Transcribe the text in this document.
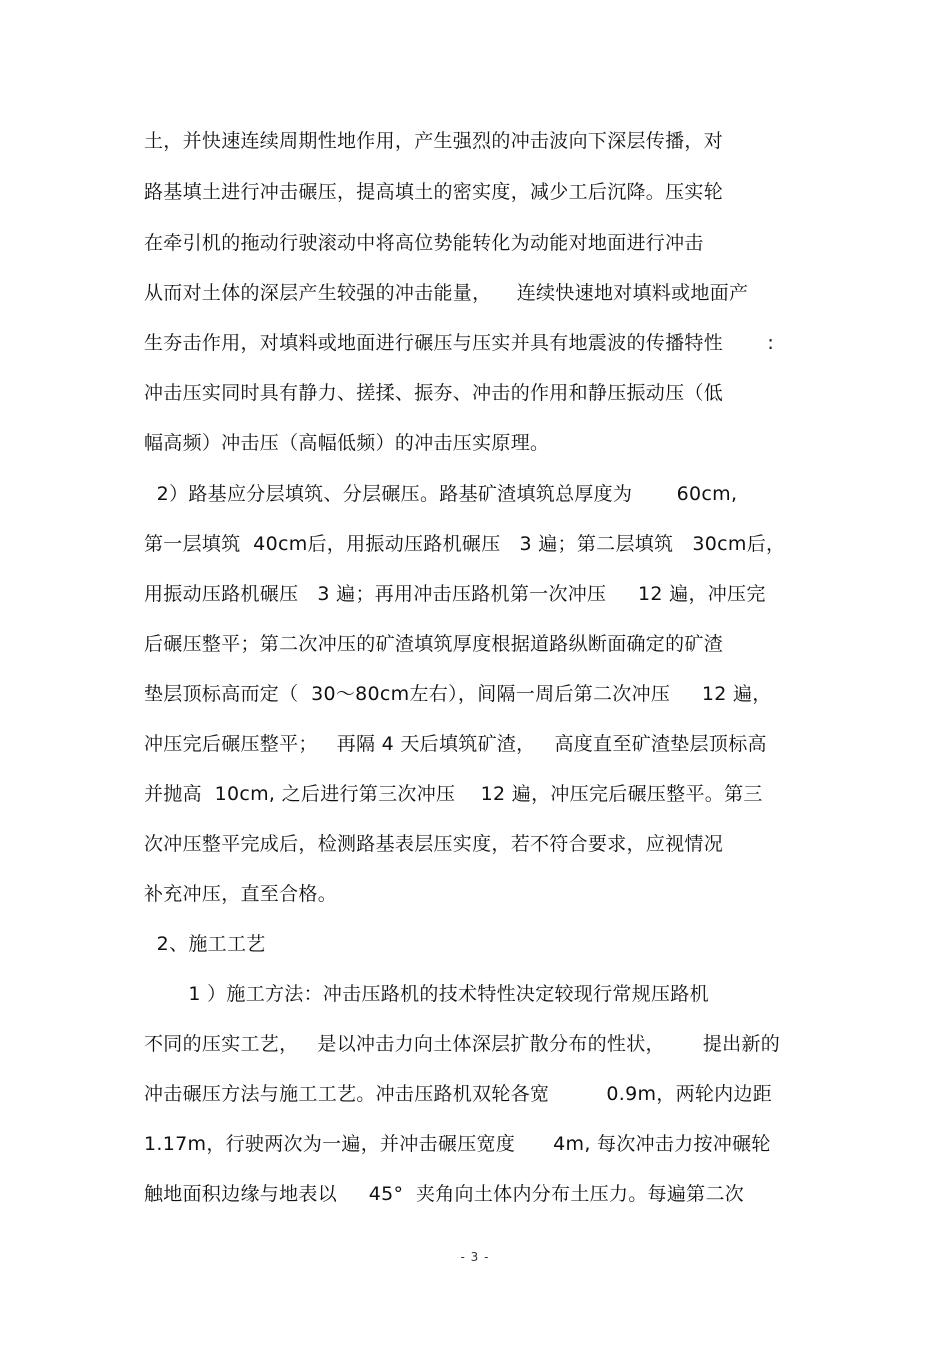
土，并快速连续周期性地作用，产生强烈的冲击波向下深层传播，对
路基填土进行冲击碾压，提高填土的密实度，减少工后沉降。压实轮
在牵引机的拖动行驶滚动中将高位势能转化为动能对地面进行冲击
从而对土体的深层产生较强的冲击能量，    连续快速地对填料或地面产
生夯击作用，对填料或地面进行碾压与压实并具有地震波的传播特性       :
冲击压实同时具有静力、搓揉、振夯、冲击的作用和静压振动压（低
幅高频）冲击压（高幅低频）的冲击压实原理。
2）路基应分层填筑、分层碾压。路基矿渣填筑总厚度为       60cm,
第一层填筑  40cm后，用振动压路机碾压   3 遍；第二层填筑   30cm后，
用振动压路机碾压   3 遍；再用冲击压路机第一次冲压     12 遍，冲压完
后碾压整平；第二次冲压的矿渣填筑厚度根据道路纵断面确定的矿渣
垫层顶标高而定（  30～80cm左右），间隔一周后第二次冲压     12 遍，
冲压完后碾压整平；   再隔 4 天后填筑矿渣，   高度直至矿渣垫层顶标高
并抛高  10cm, 之后进行第三次冲压    12 遍，冲压完后碾压整平。第三
次冲压整平完成后，检测路基表层压实度，若不符合要求，应视情况
补充冲压，直至合格。
2、施工工艺
1 ）施工方法：冲击压路机的技术特性决定较现行常规压路机
不同的压实工艺，   是以冲击力向土体深层扩散分布的性状，      提出新的
冲击碾压方法与施工工艺。冲击压路机双轮各宽         0.9m，两轮内边距
1.17m，行驶两次为一遍，并冲击碾压宽度      4m, 每次冲击力按冲碾轮
触地面积边缘与地表以     45°  夹角向土体内分布土压力。每遍第二次
- 3 -
